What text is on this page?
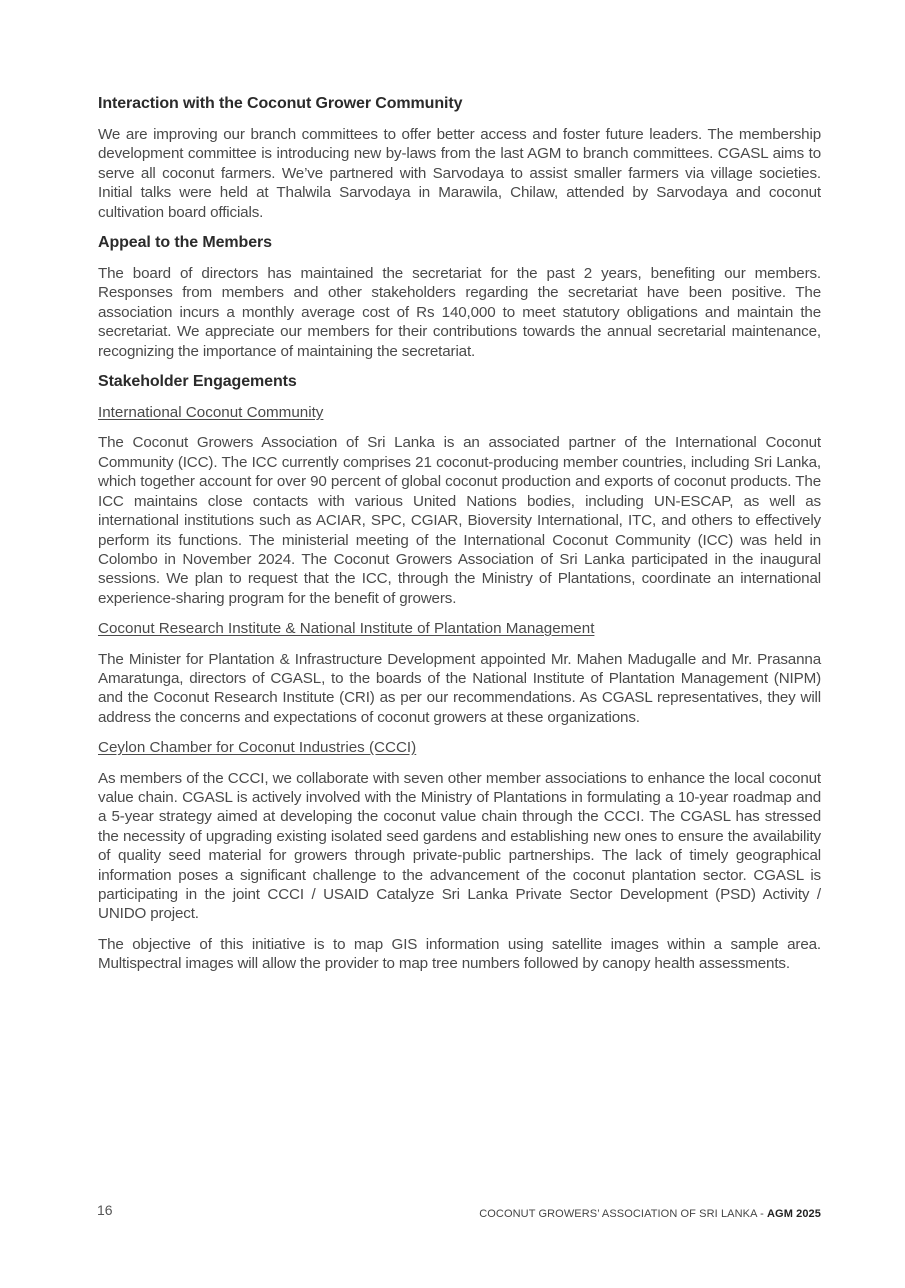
Interaction with the Coconut Grower Community

We are improving our branch committees to offer better access and foster future leaders. The membership development committee is introducing new by-laws from the last AGM to branch committees. CGASL aims to serve all coconut farmers. We’ve partnered with Sarvodaya to assist smaller farmers via village societies. Initial talks were held at Thalwila Sarvodaya in Marawila, Chilaw, attended by Sarvodaya and coconut cultivation board officials.

Appeal to the Members

The board of directors has maintained the secretariat for the past 2 years, benefiting our members. Responses from members and other stakeholders regarding the secretariat have been positive. The association incurs a monthly average cost of Rs 140,000 to meet statutory obligations and maintain the secretariat. We appreciate our members for their contributions towards the annual secretarial maintenance, recognizing the importance of maintaining the secretariat.

Stakeholder Engagements
International Coconut Community

The Coconut Growers Association of Sri Lanka is an associated partner of the International Coconut Community (ICC). The ICC currently comprises 21 coconut-producing member countries, including Sri Lanka, which together account for over 90 percent of global coconut production and exports of coconut products. The ICC maintains close contacts with various United Nations bodies, including UN-ESCAP, as well as international institutions such as ACIAR, SPC, CGIAR, Bioversity International, ITC, and others to effectively perform its functions. The ministerial meeting of the International Coconut Community (ICC) was held in Colombo in November 2024. The Coconut Growers Association of Sri Lanka participated in the inaugural sessions. We plan to request that the ICC, through the Ministry of Plantations, coordinate an international experience-sharing program for the benefit of growers.

Coconut Research Institute & National Institute of Plantation Management

The Minister for Plantation & Infrastructure Development appointed Mr. Mahen Madugalle and Mr. Prasanna Amaratunga, directors of CGASL, to the boards of the National Institute of Plantation Management (NIPM) and the Coconut Research Institute (CRI) as per our recommendations. As CGASL representatives, they will address the concerns and expectations of coconut growers at these organizations.

Ceylon Chamber for Coconut Industries (CCCI)

As members of the CCCI, we collaborate with seven other member associations to enhance the local coconut value chain. CGASL is actively involved with the Ministry of Plantations in formulating a 10-year roadmap and a 5-year strategy aimed at developing the coconut value chain through the CCCI. The CGASL has stressed the necessity of upgrading existing isolated seed gardens and establishing new ones to ensure the availability of quality seed material for growers through private-public partnerships. The lack of timely geographical information poses a significant challenge to the advancement of the coconut plantation sector. CGASL is participating in the joint CCCI / USAID Catalyze Sri Lanka Private Sector Development (PSD) Activity / UNIDO project.

The objective of this initiative is to map GIS information using satellite images within a sample area. Multispectral images will allow the provider to map tree numbers followed by canopy health assessments.

16	COCONUT GROWERS’ ASSOCIATION OF SRI LANKA - AGM 2025
